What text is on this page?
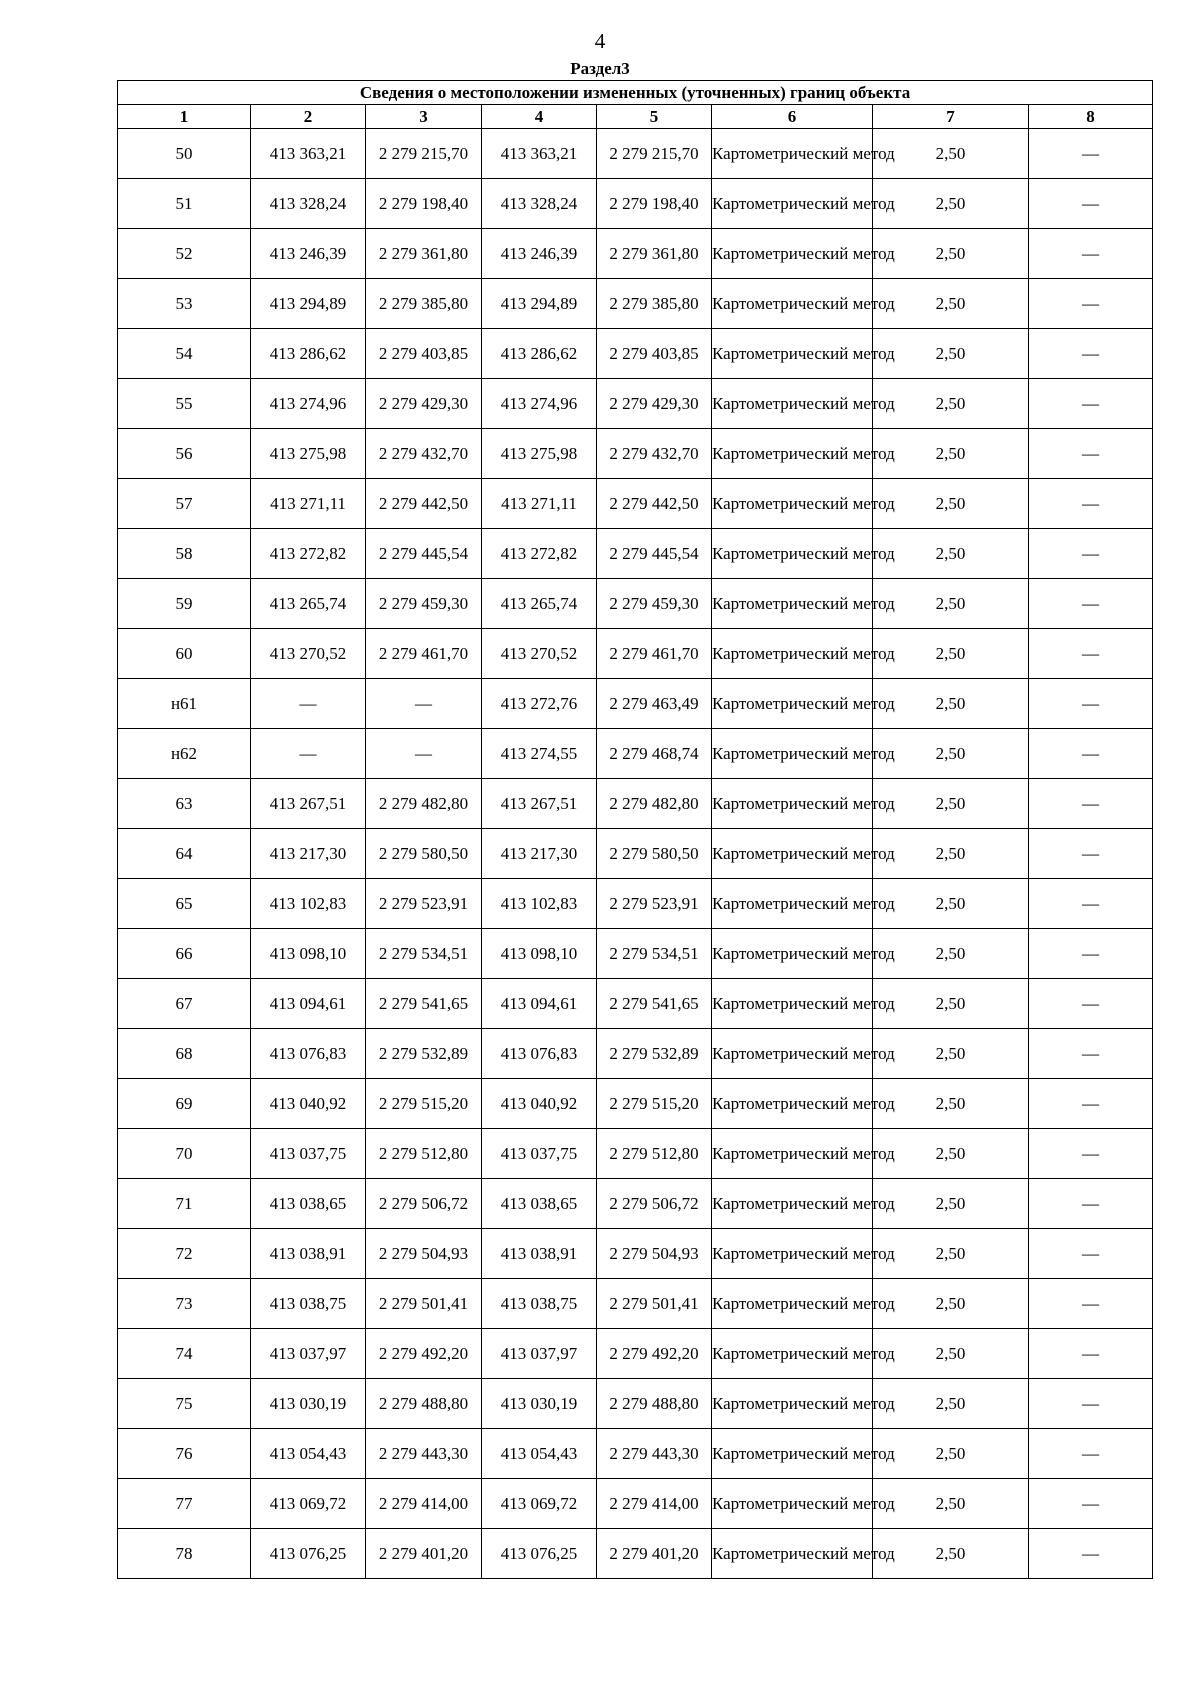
4
Раздел3
Сведения о местоположении измененных (уточненных) границ объекта							
1	2	3	4	5	6	7	8
50	413 363,21	2 279 215,70	413 363,21	2 279 215,70	Картометрический метод	2,50	—
51	413 328,24	2 279 198,40	413 328,24	2 279 198,40	Картометрический метод	2,50	—
52	413 246,39	2 279 361,80	413 246,39	2 279 361,80	Картометрический метод	2,50	—
53	413 294,89	2 279 385,80	413 294,89	2 279 385,80	Картометрический метод	2,50	—
54	413 286,62	2 279 403,85	413 286,62	2 279 403,85	Картометрический метод	2,50	—
55	413 274,96	2 279 429,30	413 274,96	2 279 429,30	Картометрический метод	2,50	—
56	413 275,98	2 279 432,70	413 275,98	2 279 432,70	Картометрический метод	2,50	—
57	413 271,11	2 279 442,50	413 271,11	2 279 442,50	Картометрический метод	2,50	—
58	413 272,82	2 279 445,54	413 272,82	2 279 445,54	Картометрический метод	2,50	—
59	413 265,74	2 279 459,30	413 265,74	2 279 459,30	Картометрический метод	2,50	—
60	413 270,52	2 279 461,70	413 270,52	2 279 461,70	Картометрический метод	2,50	—
н61	—	—	413 272,76	2 279 463,49	Картометрический метод	2,50	—
н62	—	—	413 274,55	2 279 468,74	Картометрический метод	2,50	—
63	413 267,51	2 279 482,80	413 267,51	2 279 482,80	Картометрический метод	2,50	—
64	413 217,30	2 279 580,50	413 217,30	2 279 580,50	Картометрический метод	2,50	—
65	413 102,83	2 279 523,91	413 102,83	2 279 523,91	Картометрический метод	2,50	—
66	413 098,10	2 279 534,51	413 098,10	2 279 534,51	Картометрический метод	2,50	—
67	413 094,61	2 279 541,65	413 094,61	2 279 541,65	Картометрический метод	2,50	—
68	413 076,83	2 279 532,89	413 076,83	2 279 532,89	Картометрический метод	2,50	—
69	413 040,92	2 279 515,20	413 040,92	2 279 515,20	Картометрический метод	2,50	—
70	413 037,75	2 279 512,80	413 037,75	2 279 512,80	Картометрический метод	2,50	—
71	413 038,65	2 279 506,72	413 038,65	2 279 506,72	Картометрический метод	2,50	—
72	413 038,91	2 279 504,93	413 038,91	2 279 504,93	Картометрический метод	2,50	—
73	413 038,75	2 279 501,41	413 038,75	2 279 501,41	Картометрический метод	2,50	—
74	413 037,97	2 279 492,20	413 037,97	2 279 492,20	Картометрический метод	2,50	—
75	413 030,19	2 279 488,80	413 030,19	2 279 488,80	Картометрический метод	2,50	—
76	413 054,43	2 279 443,30	413 054,43	2 279 443,30	Картометрический метод	2,50	—
77	413 069,72	2 279 414,00	413 069,72	2 279 414,00	Картометрический метод	2,50	—
78	413 076,25	2 279 401,20	413 076,25	2 279 401,20	Картометрический метод	2,50	—
